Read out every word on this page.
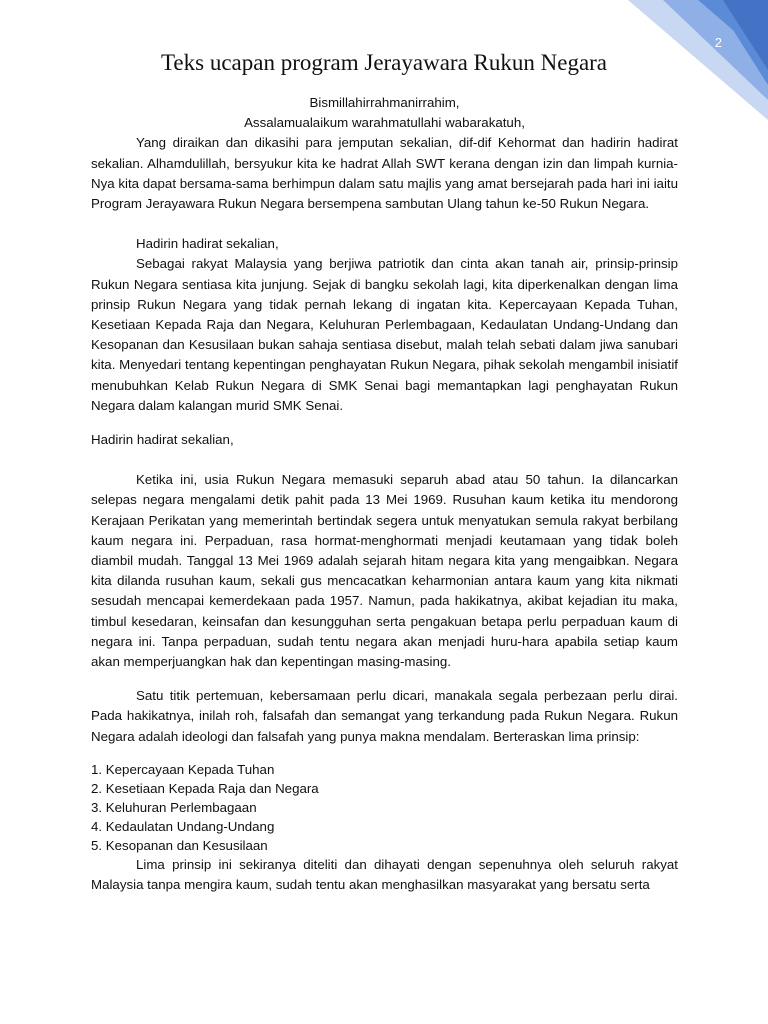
2
Teks ucapan program Jerayawara Rukun Negara

Bismillahirrahmanirrahim,

Assalamualaikum warahmatullahi wabarakatuh,

Yang diraikan dan dikasihi para jemputan sekalian, dif-dif Kehormat dan hadirin hadirat sekalian. Alhamdulillah, bersyukur kita ke hadrat Allah SWT kerana dengan izin dan limpah kurnia-Nya kita dapat bersama-sama berhimpun dalam satu majlis yang amat bersejarah pada hari ini iaitu Program Jerayawara Rukun Negara bersempena sambutan Ulang tahun ke-50 Rukun Negara.

Hadirin hadirat sekalian,

Sebagai rakyat Malaysia yang berjiwa patriotik dan cinta akan tanah air, prinsip-prinsip Rukun Negara sentiasa kita junjung. Sejak di bangku sekolah lagi, kita diperkenalkan dengan lima prinsip Rukun Negara yang tidak pernah lekang di ingatan kita. Kepercayaan Kepada Tuhan, Kesetiaan Kepada Raja dan Negara, Keluhuran Perlembagaan, Kedaulatan Undang-Undang dan Kesopanan dan Kesusilaan bukan sahaja sentiasa disebut, malah telah sebati dalam jiwa sanubari kita. Menyedari tentang kepentingan penghayatan Rukun Negara, pihak sekolah mengambil inisiatif menubuhkan Kelab Rukun Negara di SMK Senai bagi memantapkan lagi penghayatan Rukun Negara dalam kalangan murid SMK Senai.

Hadirin hadirat sekalian,

Ketika ini, usia Rukun Negara memasuki separuh abad atau 50 tahun. Ia dilancarkan selepas negara mengalami detik pahit pada 13 Mei 1969. Rusuhan kaum ketika itu mendorong Kerajaan Perikatan yang memerintah bertindak segera untuk menyatukan semula rakyat berbilang kaum negara ini. Perpaduan, rasa hormat-menghormati menjadi keutamaan yang tidak boleh diambil mudah. Tanggal 13 Mei 1969 adalah sejarah hitam negara kita yang mengaibkan. Negara kita dilanda rusuhan kaum, sekali gus mencacatkan keharmonian antara kaum yang kita nikmati sesudah mencapai kemerdekaan pada 1957. Namun, pada hakikatnya, akibat kejadian itu maka, timbul kesedaran, keinsafan dan kesungguhan serta pengakuan betapa perlu perpaduan kaum di negara ini. Tanpa perpaduan, sudah tentu negara akan menjadi huru-hara apabila setiap kaum akan memperjuangkan hak dan kepentingan masing-masing.

Satu titik pertemuan, kebersamaan perlu dicari, manakala segala perbezaan perlu dirai. Pada hakikatnya, inilah roh, falsafah dan semangat yang terkandung pada Rukun Negara. Rukun Negara adalah ideologi dan falsafah yang punya makna mendalam. Berteraskan lima prinsip:

1. Kepercayaan Kepada Tuhan
2. Kesetiaan Kepada Raja dan Negara
3. Keluhuran Perlembagaan
4. Kedaulatan Undang-Undang
5. Kesopanan dan Kesusilaan

Lima prinsip ini sekiranya diteliti dan dihayati dengan sepenuhnya oleh seluruh rakyat Malaysia tanpa mengira kaum, sudah tentu akan menghasilkan masyarakat yang bersatu serta
